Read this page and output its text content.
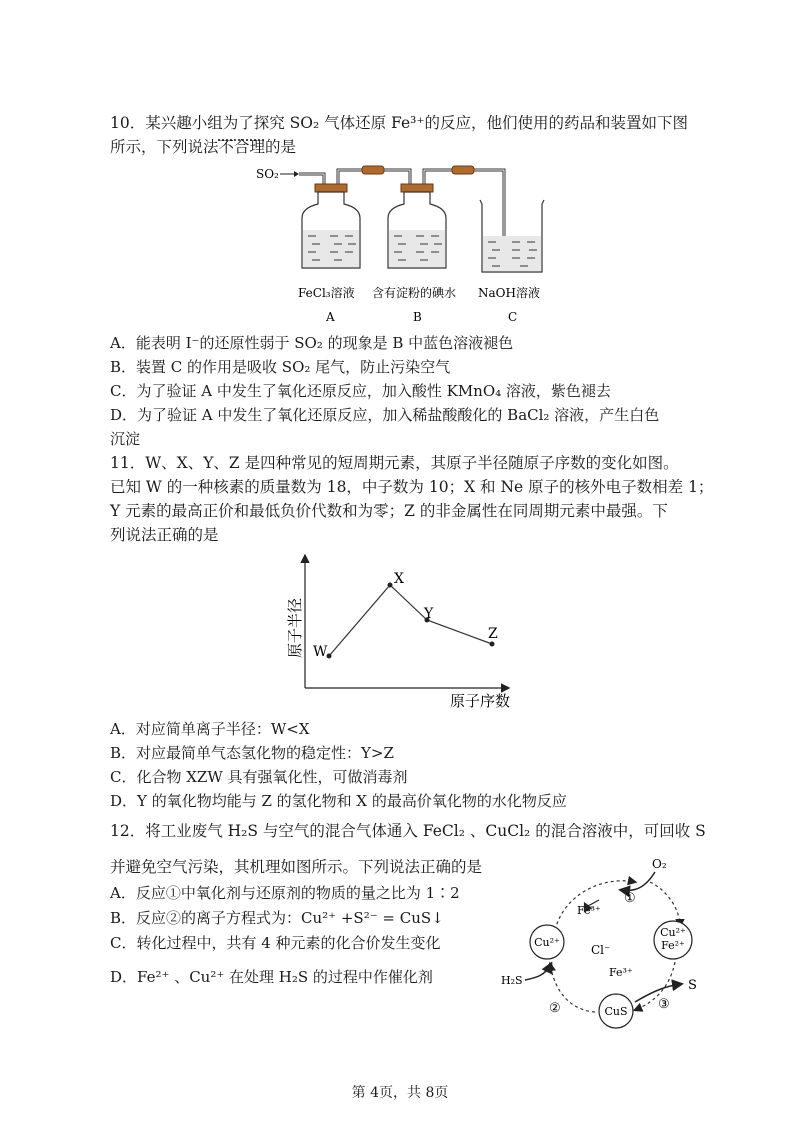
10．某兴趣小组为了探究 SO₂ 气体还原 Fe³⁺的反应，他们使用的药品和装置如下图
所示，下列说法不合理的是
SO₂
FeCl₃溶液 含有淀粉的碘水 NaOH溶液
A	B	C
A．能表明 I⁻的还原性弱于 SO₂ 的现象是 B 中蓝色溶液褪色
B．装置 C 的作用是吸收 SO₂ 尾气，防止污染空气
C．为了验证 A 中发生了氧化还原反应，加入酸性 KMnO₄ 溶液，紫色褪去
D．为了验证 A 中发生了氧化还原反应，加入稀盐酸酸化的 BaCl₂ 溶液，产生白色
沉淀
11．W、X、Y、Z 是四种常见的短周期元素，其原子半径随原子序数的变化如图。
已知 W 的一种核素的质量数为 18，中子数为 10；X 和 Ne 原子的核外电子数相差 1；
Y 元素的最高正价和最低负价代数和为零；Z 的非金属性在同周期元素中最强。下
列说法正确的是
原子半径
原子序数
W
X
Y
Z
A．对应简单离子半径：W<X
B．对应最简单气态氢化物的稳定性：Y>Z
C．化合物 XZW 具有强氧化性，可做消毒剂
D．Y 的氧化物均能与 Z 的氢化物和 X 的最高价氧化物的水化物反应
12．将工业废气 H₂S 与空气的混合气体通入 FeCl₂ 、CuCl₂ 的混合溶液中，可回收 S
并避免空气污染，其机理如图所示。下列说法正确的是
A．反应①中氧化剂与还原剂的物质的量之比为 1∶2
B．反应②的离子方程式为：Cu²⁺ +S²⁻ = CuS↓
C．转化过程中，共有 4 种元素的化合价发生变化
D．Fe²⁺ 、Cu²⁺ 在处理 H₂S 的过程中作催化剂
Cu²⁺
Cu²⁺
Fe²⁺
CuS
O₂
①
Fe³⁺
Cl⁻
H₂S
②
Fe³⁺
S
③
第 4页，共 8页
